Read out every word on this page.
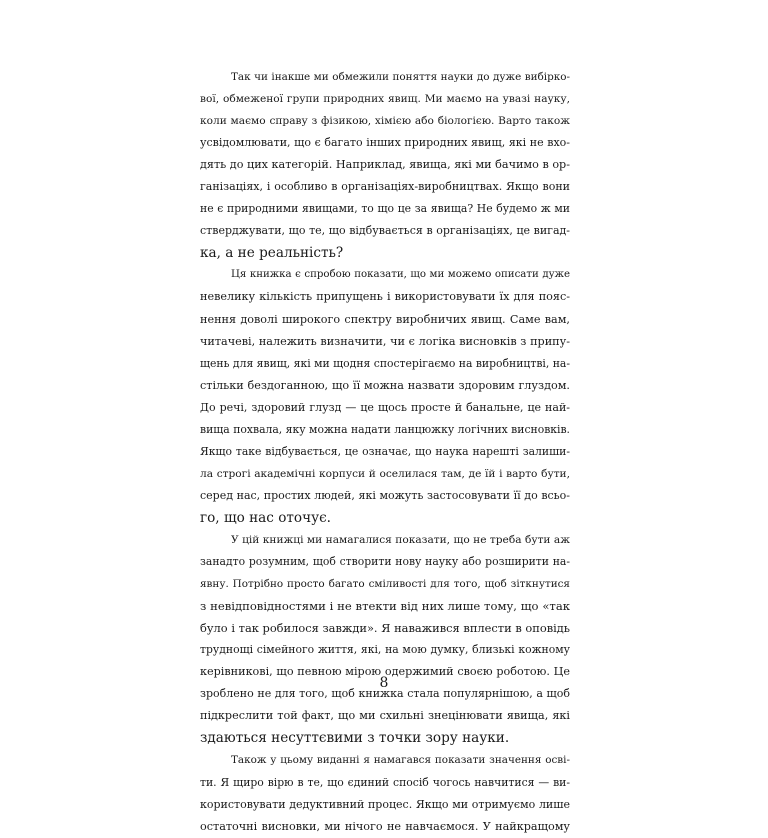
Так чи інакше ми обмежили поняття науки до дуже вибірко-
вої, обмеженої групи природних явищ. Ми маємо на увазі науку,
коли маємо справу з фізикою, хімією або біологією. Варто також
усвідомлювати, що є багато інших природних явищ, які не вхо-
дять до цих категорій. Наприклад, явища, які ми бачимо в ор-
ганізаціях, і особливо в організаціях-виробництвах. Якщо вони
не є природними явищами, то що це за явища? Не будемо ж ми
стверджувати, що те, що відбувається в організаціях, це вигад-
ка, а не реальність?
Ця книжка є спробою показати, що ми можемо описати дуже
невелику кількість припущень і використовувати їх для пояс-
нення доволі широкого спектру виробничих явищ. Саме вам,
читачеві, належить визначити, чи є логіка висновків з припу-
щень для явищ, які ми щодня спостерігаємо на виробництві, на-
стільки бездоганною, що її можна назвати здоровим глуздом.
До речі, здоровий глузд — це щось просте й банальне, це най-
вища похвала, яку можна надати ланцюжку логічних висновків.
Якщо таке відбувається, це означає, що наука нарешті залиши-
ла строгі академічні корпуси й оселилася там, де їй і варто бути,
серед нас, простих людей, які можуть застосовувати її до всьо-
го, що нас оточує.
У цій книжці ми намагалися показати, що не треба бути аж
занадто розумним, щоб створити нову науку або розширити на-
явну. Потрібно просто багато сміливості для того, щоб зіткнутися
з невідповідностями і не втекти від них лише тому, що «так
було і так робилося завжди». Я наважився вплести в оповідь
труднощі сімейного життя, які, на мою думку, близькі кожному
керівникові, що певною мірою одержимий своєю роботою. Це
зроблено не для того, щоб книжка стала популярнішою, а щоб
підкреслити той факт, що ми схильні знецінювати явища, які
здаються несуттєвими з точки зору науки.
Також у цьому виданні я намагався показати значення осві-
ти. Я щиро вірю в те, що єдиний спосіб чогось навчитися — ви-
користовувати дедуктивний процес. Якщо ми отримуємо лише
остаточні висновки, ми нічого не навчаємося. У найкращому
8
